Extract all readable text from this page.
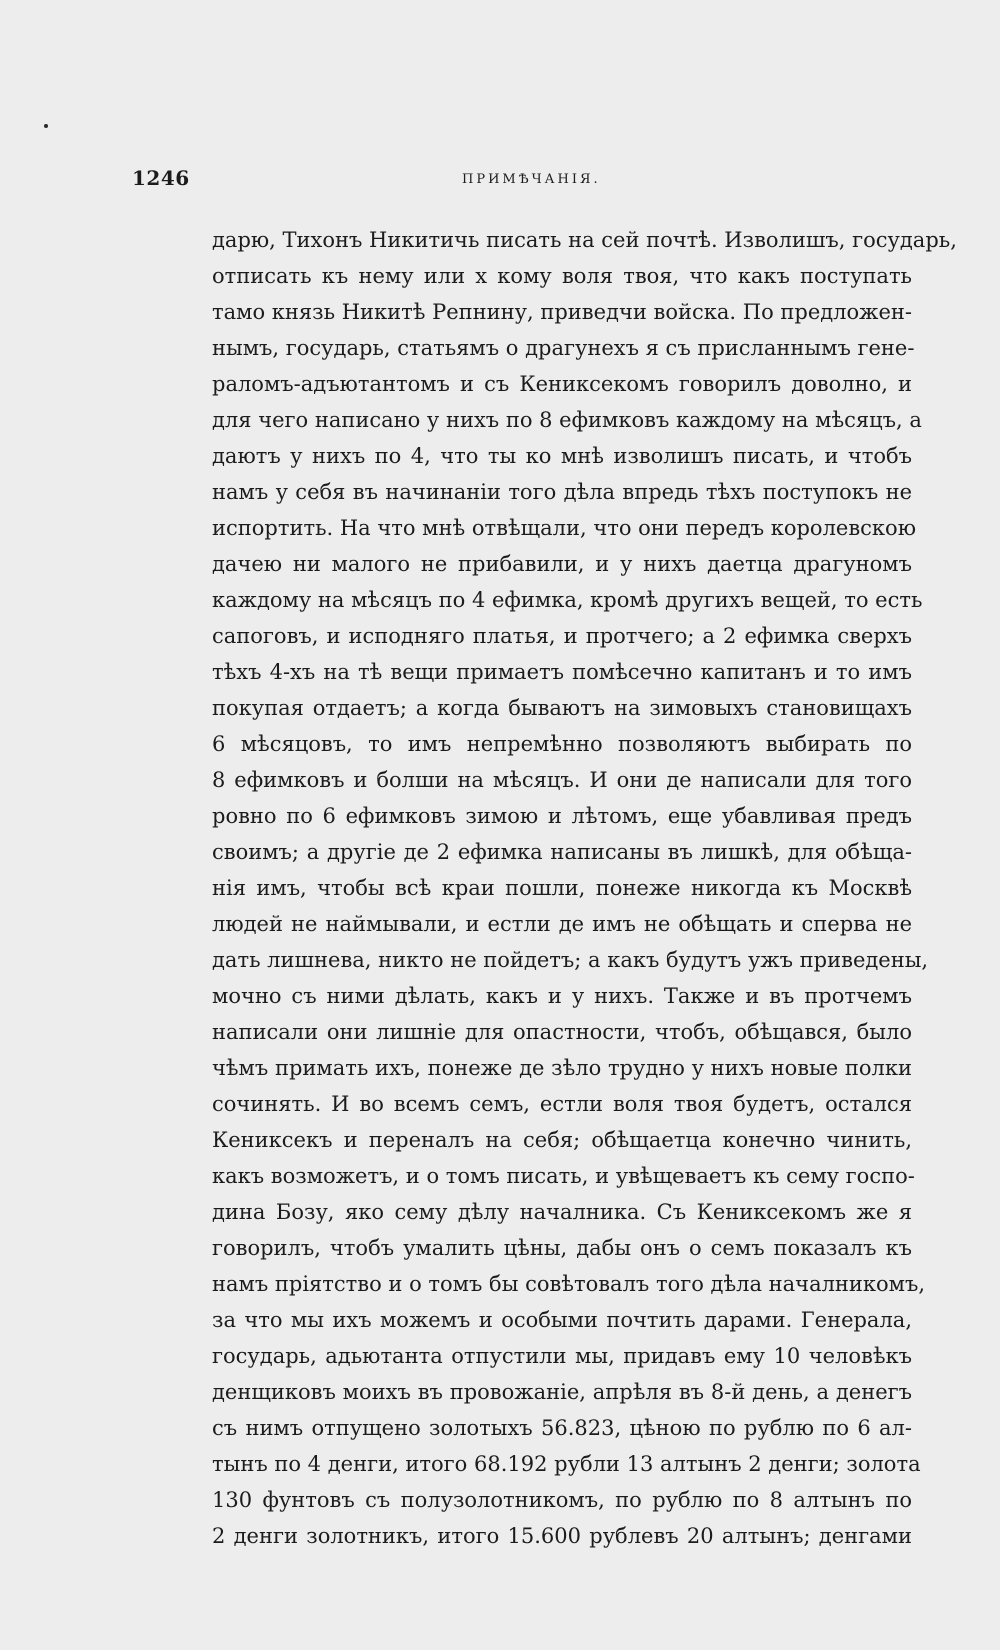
1246	ПРИМѢЧАНІЯ.
дарю, Тихонъ Никитичь писать на сей почтѣ. Изволишъ, государь,
отписать къ нему или х кому воля твоя, что какъ поступать
тамо князь Никитѣ Репнину, приведчи войска. По предложен-
нымъ, государь, статьямъ о драгунехъ я съ присланнымъ гене-
раломъ-адъютантомъ и съ Кениксекомъ говорилъ доволно, и
для чего написано у нихъ по 8 ефимковъ каждому на мѣсяцъ, а
даютъ у нихъ по 4, что ты ко мнѣ изволишъ писать, и чтобъ
намъ у себя въ начинаніи того дѣла впредь тѣхъ поступокъ не
испортить. На что мнѣ отвѣщали, что они передъ королевскою
дачею ни малого не прибавили, и у нихъ даетца драгуномъ
каждому на мѣсяцъ по 4 ефимка, кромѣ другихъ вещей, то есть
сапоговъ, и исподняго платья, и протчего; а 2 ефимка сверхъ
тѣхъ 4-хъ на тѣ вещи примаетъ помѣсечно капитанъ и то имъ
покупая отдаетъ; а когда бываютъ на зимовыхъ становищахъ
6 мѣсяцовъ, то имъ непремѣнно позволяютъ выбирать по
8 ефимковъ и болши на мѣсяцъ. И они де написали для того
ровно по 6 ефимковъ зимою и лѣтомъ, еще убавливая предъ
своимъ; а другіе де 2 ефимка написаны въ лишкѣ, для обѣща-
нія имъ, чтобы всѣ краи пошли, понеже никогда къ Москвѣ
людей не наймывали, и естли де имъ не обѣщать и сперва не
дать лишнева, никто не пойдетъ; а какъ будутъ ужъ приведены,
мочно съ ними дѣлать, какъ и у нихъ. Также и въ протчемъ
написали они лишніе для опастности, чтобъ, обѣщався, было
чѣмъ примать ихъ, понеже де зѣло трудно у нихъ новые полки
сочинять. И во всемъ семъ, естли воля твоя будетъ, остался
Кениксекъ и переналъ на себя; обѣщаетца конечно чинить,
какъ возможетъ, и о томъ писать, и увѣщеваетъ къ сему госпо-
дина Бозу, яко сему дѣлу началника. Съ Кениксекомъ же я
говорилъ, чтобъ умалить цѣны, дабы онъ о семъ показалъ къ
намъ пріятство и о томъ бы совѣтовалъ того дѣла началникомъ,
за что мы ихъ можемъ и особыми почтить дарами. Генерала,
государь, адьютанта отпустили мы, придавъ ему 10 человѣкъ
денщиковъ моихъ въ провожаніе, апрѣля въ 8-й день, а денегъ
съ нимъ отпущено золотыхъ 56.823, цѣною по рублю по 6 ал-
тынъ по 4 денги, итого 68.192 рубли 13 алтынъ 2 денги; золота
130 фунтовъ съ полузолотникомъ, по рублю по 8 алтынъ по
2 денги золотникъ, итого 15.600 рублевъ 20 алтынъ; денгами
